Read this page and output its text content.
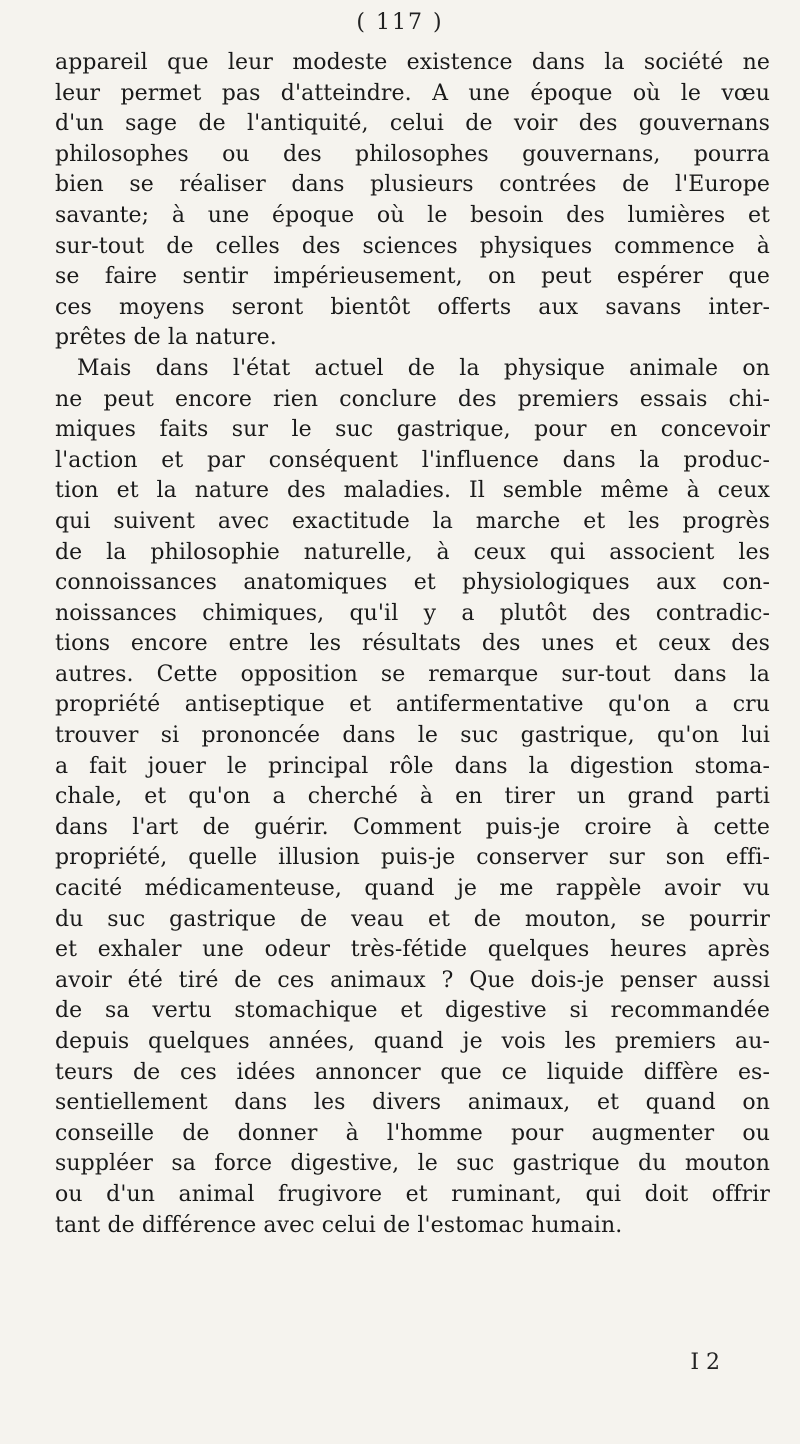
( 117 )
appareil que leur modeste existence dans la société ne
leur permet pas d'atteindre. A une époque où le vœu
d'un sage de l'antiquité, celui de voir des gouvernans
philosophes ou des philosophes gouvernans, pourra
bien se réaliser dans plusieurs contrées de l'Europe
savante; à une époque où le besoin des lumières et
sur-tout de celles des sciences physiques commence à
se faire sentir impérieusement, on peut espérer que
ces moyens seront bientôt offerts aux savans inter-
prêtes de la nature.
Mais dans l'état actuel de la physique animale on
ne peut encore rien conclure des premiers essais chi-
miques faits sur le suc gastrique, pour en concevoir
l'action et par conséquent l'influence dans la produc-
tion et la nature des maladies. Il semble même à ceux
qui suivent avec exactitude la marche et les progrès
de la philosophie naturelle, à ceux qui associent les
connoissances anatomiques et physiologiques aux con-
noissances chimiques, qu'il y a plutôt des contradic-
tions encore entre les résultats des unes et ceux des
autres. Cette opposition se remarque sur-tout dans la
propriété antiseptique et antifermentative qu'on a cru
trouver si prononcée dans le suc gastrique, qu'on lui
a fait jouer le principal rôle dans la digestion stoma-
chale, et qu'on a cherché à en tirer un grand parti
dans l'art de guérir. Comment puis-je croire à cette
propriété, quelle illusion puis-je conserver sur son effi-
cacité médicamenteuse, quand je me rappèle avoir vu
du suc gastrique de veau et de mouton, se pourrir
et exhaler une odeur très-fétide quelques heures après
avoir été tiré de ces animaux ? Que dois-je penser aussi
de sa vertu stomachique et digestive si recommandée
depuis quelques années, quand je vois les premiers au-
teurs de ces idées annoncer que ce liquide diffère es-
sentiellement dans les divers animaux, et quand on
conseille de donner à l'homme pour augmenter ou
suppléer sa force digestive, le suc gastrique du mouton
ou d'un animal frugivore et ruminant, qui doit offrir
tant de différence avec celui de l'estomac humain.
I 2
